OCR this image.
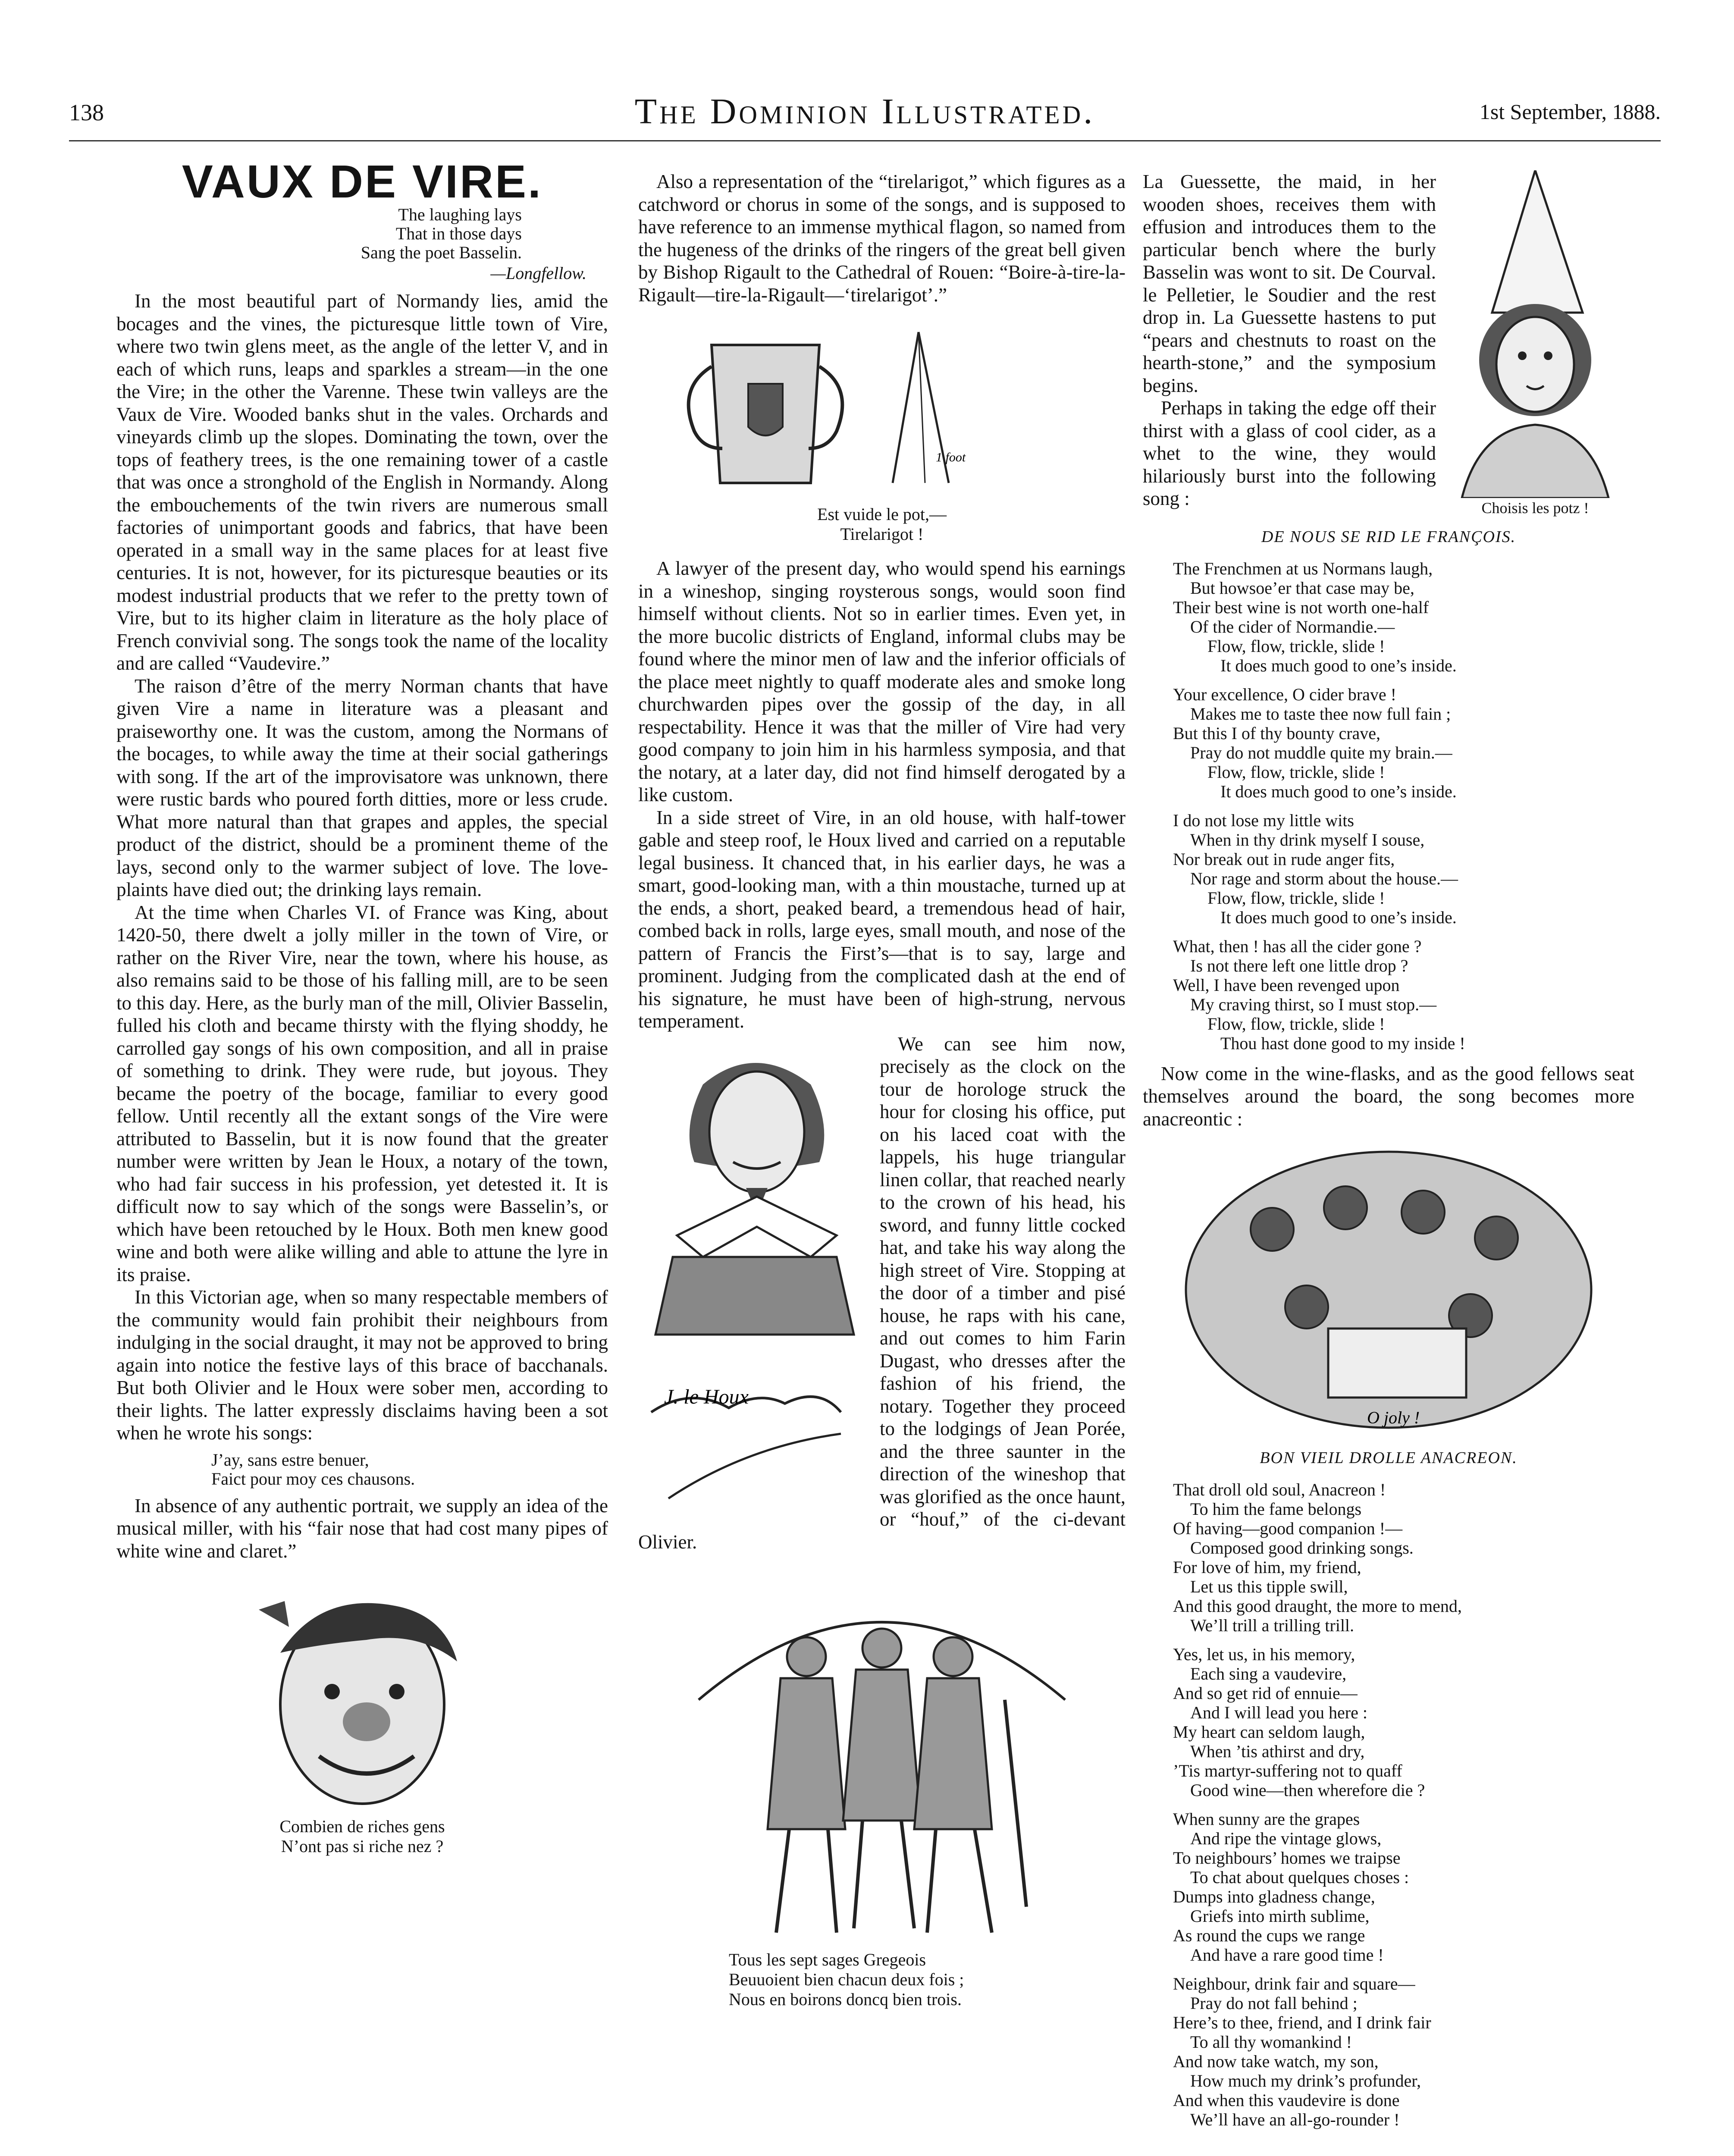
138	The Dominion Illustrated.	1st September, 1888.
VAUX DE VIRE.
The laughing lays
That in those days
Sang the poet Basselin.
—Longfellow.

In the most beautiful part of Normandy lies, amid the bocages and the vines, the picturesque little town of Vire, where two twin glens meet, as the angle of the letter V, and in each of which runs, leaps and sparkles a stream—in the one the Vire; in the other the Varenne. These twin valleys are the Vaux de Vire. Wooded banks shut in the vales. Orchards and vineyards climb up the slopes. Dominating the town, over the tops of feathery trees, is the one remaining tower of a castle that was once a stronghold of the English in Normandy. Along the embouchements of the twin rivers are numerous small factories of unimportant goods and fabrics, that have been operated in a small way in the same places for at least five centuries. It is not, however, for its picturesque beauties or its modest industrial products that we refer to the pretty town of Vire, but to its higher claim in literature as the holy place of French convivial song. The songs took the name of the locality and are called “Vaudevire.”

The raison d’être of the merry Norman chants that have given Vire a name in literature was a pleasant and praiseworthy one. It was the custom, among the Normans of the bocages, to while away the time at their social gatherings with song. If the art of the improvisatore was unknown, there were rustic bards who poured forth ditties, more or less crude. What more natural than that grapes and apples, the special product of the district, should be a prominent theme of the lays, second only to the warmer subject of love. The love-plaints have died out; the drinking lays remain.

At the time when Charles VI. of France was King, about 1420-50, there dwelt a jolly miller in the town of Vire, or rather on the River Vire, near the town, where his house, as also remains said to be those of his falling mill, are to be seen to this day. Here, as the burly man of the mill, Olivier Basselin, fulled his cloth and became thirsty with the flying shoddy, he carrolled gay songs of his own composition, and all in praise of something to drink. They were rude, but joyous. They became the poetry of the bocage, familiar to every good fellow. Until recently all the extant songs of the Vire were attributed to Basselin, but it is now found that the greater number were written by Jean le Houx, a notary of the town, who had fair success in his profession, yet detested it. It is difficult now to say which of the songs were Basselin’s, or which have been retouched by le Houx. Both men knew good wine and both were alike willing and able to attune the lyre in its praise.

In this Victorian age, when so many respectable members of the community would fain prohibit their neighbours from indulging in the social draught, it may not be approved to bring again into notice the festive lays of this brace of bacchanals. But both Olivier and le Houx were sober men, according to their lights. The latter expressly disclaims having been a sot when he wrote his songs:

J’ay, sans estre benuer,
Faict pour moy ces chausons.

In absence of any authentic portrait, we supply an idea of the musical miller, with his “fair nose that had cost many pipes of white wine and claret.”

Combien de riches gens
N’ont pas si riche nez ?

Also a representation of the “tirelarigot,” which figures as a catchword or chorus in some of the songs, and is supposed to have reference to an immense mythical flagon, so named from the hugeness of the drinks of the ringers of the great bell given by Bishop Rigault to the Cathedral of Rouen: “Boire-à-tire-la-Rigault—tire-la-Rigault—‘tirelarigot’.”

1 foot
Est vuide le pot,—
Tirelarigot !

A lawyer of the present day, who would spend his earnings in a wineshop, singing roysterous songs, would soon find himself without clients. Not so in earlier times. Even yet, in the more bucolic districts of England, informal clubs may be found where the minor men of law and the inferior officials of the place meet nightly to quaff moderate ales and smoke long churchwarden pipes over the gossip of the day, in all respectability. Hence it was that the miller of Vire had very good company to join him in his harmless symposia, and that the notary, at a later day, did not find himself derogated by a like custom.

In a side street of Vire, in an old house, with half-tower gable and steep roof, le Houx lived and carried on a reputable legal business. It chanced that, in his earlier days, he was a smart, good-looking man, with a thin moustache, turned up at the ends, a short, peaked beard, a tremendous head of hair, combed back in rolls, large eyes, small mouth, and nose of the pattern of Francis the First’s—that is to say, large and prominent. Judging from the complicated dash at the end of his signature, he must have been of high-strung, nervous temperament.

J. le Houx

We can see him now, precisely as the clock on the tour de horologe struck the hour for closing his office, put on his laced coat with the lappels, his huge triangular linen collar, that reached nearly to the crown of his head, his sword, and funny little cocked hat, and take his way along the high street of Vire. Stopping at the door of a timber and pisé house, he raps with his cane, and out comes to him Farin Dugast, who dresses after the fashion of his friend, the notary. Together they proceed to the lodgings of Jean Porée, and the three saunter in the direction of the wineshop that was glorified as the once haunt, or “houf,” of the ci-devant Olivier.

Tous les sept sages Gregeois
Beuuoient bien chacun deux fois ;
Nous en boirons doncq bien trois.
Choisis les potz !

La Guessette, the maid, in her wooden shoes, receives them with effusion and introduces them to the particular bench where the burly Basselin was wont to sit. De Courval. le Pelletier, le Soudier and the rest drop in. La Guessette hastens to put “pears and chestnuts to roast on the hearth-stone,” and the symposium begins.

Perhaps in taking the edge off their thirst with a glass of cool cider, as a whet to the wine, they would hilariously burst into the following song :

DE NOUS SE RID LE FRANÇOIS.
The Frenchmen at us Normans laugh,
But howsoe’er that case may be,
Their best wine is not worth one-half
Of the cider of Normandie.—
Flow, flow, trickle, slide !
It does much good to one’s inside.
Your excellence, O cider brave !
Makes me to taste thee now full fain ;
But this I of thy bounty crave,
Pray do not muddle quite my brain.—
Flow, flow, trickle, slide !
It does much good to one’s inside.
I do not lose my little wits
When in thy drink myself I souse,
Nor break out in rude anger fits,
Nor rage and storm about the house.—
Flow, flow, trickle, slide !
It does much good to one’s inside.
What, then ! has all the cider gone ?
Is not there left one little drop ?
Well, I have been revenged upon
My craving thirst, so I must stop.—
Flow, flow, trickle, slide !
Thou hast done good to my inside !

Now come in the wine-flasks, and as the good fellows seat themselves around the board, the song becomes more anacreontic :

O joly !
BON VIEIL DROLLE ANACREON.
That droll old soul, Anacreon !
To him the fame belongs
Of having—good companion !—
Composed good drinking songs.
For love of him, my friend,
Let us this tipple swill,
And this good draught, the more to mend,
We’ll trill a trilling trill.
Yes, let us, in his memory,
Each sing a vaudevire,
And so get rid of ennuie—
And I will lead you here :
My heart can seldom laugh,
When ’tis athirst and dry,
’Tis martyr-suffering not to quaff
Good wine—then wherefore die ?
When sunny are the grapes
And ripe the vintage glows,
To neighbours’ homes we traipse
To chat about quelques choses :
Dumps into gladness change,
Griefs into mirth sublime,
As round the cups we range
And have a rare good time !
Neighbour, drink fair and square—
Pray do not fall behind ;
Here’s to thee, friend, and I drink fair
To all thy womankind !
And now take watch, my son,
How much my drink’s profunder,
And when this vaudevire is done
We’ll have an all-go-rounder !
